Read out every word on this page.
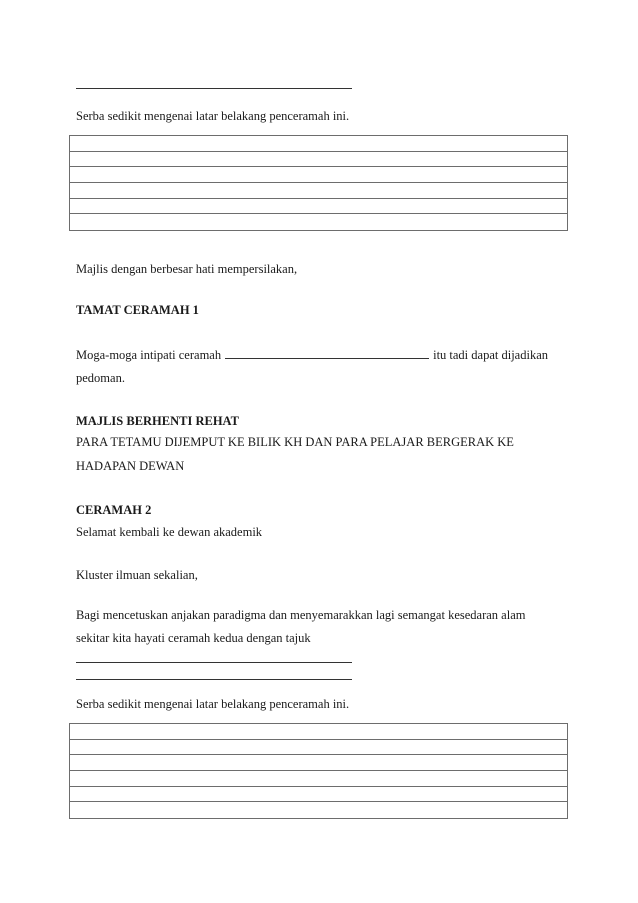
Serba sedikit mengenai latar belakang penceramah ini.
Majlis dengan berbesar hati mempersilakan,
TAMAT CERAMAH 1
Moga-moga intipati ceramah	itu tadi dapat dijadikan
pedoman.
MAJLIS BERHENTI REHAT
PARA TETAMU DIJEMPUT KE BILIK KH DAN PARA PELAJAR BERGERAK KE
HADAPAN DEWAN
CERAMAH 2
Selamat kembali ke dewan akademik
Kluster ilmuan sekalian,
Bagi mencetuskan anjakan paradigma dan menyemarakkan lagi semangat kesedaran alam
sekitar kita hayati ceramah kedua dengan tajuk
Serba sedikit mengenai latar belakang penceramah ini.
